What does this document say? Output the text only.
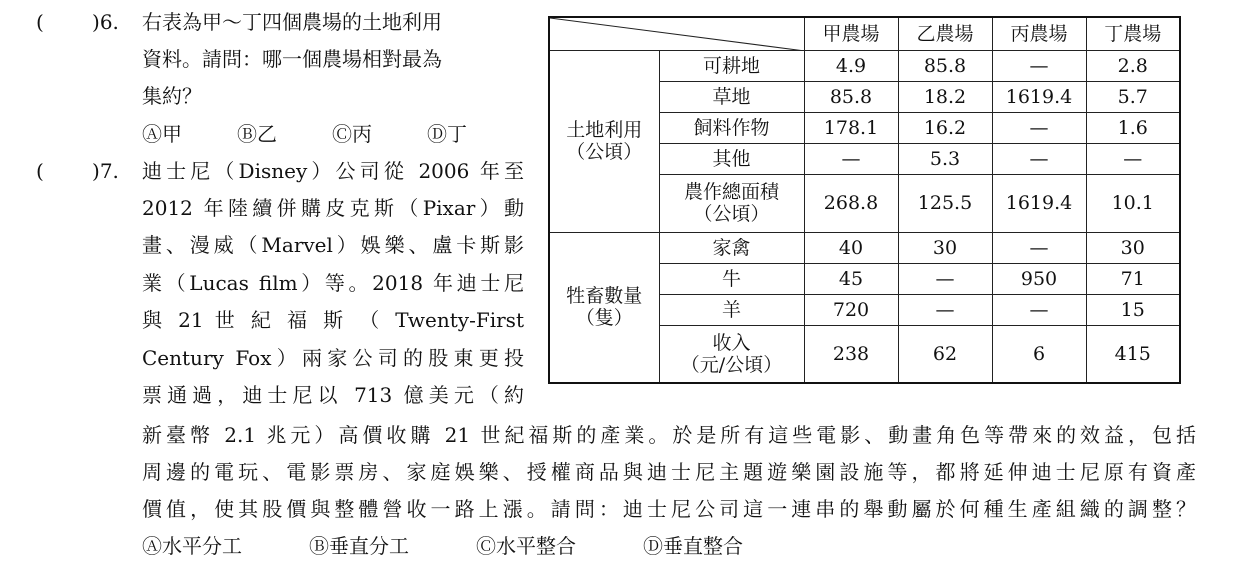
( )6. 右表為甲～丁四個農場的土地利用
資料。請問：哪一個農場相對最為
集約？
Ⓐ甲	Ⓑ乙	Ⓒ丙	Ⓓ丁
( )7. 迪士尼（Disney）公司從 2006 年至
2012 年陸續併購皮克斯（Pixar）動
畫、漫威（Marvel）娛樂、盧卡斯影
業（Lucas film）等。2018 年迪士尼
與 21 世 紀 福 斯 （ Twenty-First
Century Fox）兩家公司的股東更投
票通過，迪士尼以 713 億美元（約
新臺幣 2.1 兆元）高價收購 21 世紀福斯的產業。於是所有這些電影、動畫角色等帶來的效益，包括
周邊的電玩、電影票房、家庭娛樂、授權商品與迪士尼主題遊樂園設施等，都將延伸迪士尼原有資產
價值，使其股價與整體營收一路上漲。請問：迪士尼公司這一連串的舉動屬於何種生產組織的調整？
Ⓐ水平分工	Ⓑ垂直分工	Ⓒ水平整合	Ⓓ垂直整合
	甲農場	乙農場	丙農場	丁農場
土地利用
（公頃）	可耕地	4.9	85.8	—	2.8
	草地	85.8	18.2	1619.4	5.7
	飼料作物	178.1	16.2	—	1.6
	其他	—	5.3	—	—
	農作總面積
（公頃）	268.8	125.5	1619.4	10.1
牲畜數量
（隻）	家禽	40	30	—	30
	牛	45	—	950	71
	羊	720	—	—	15
	收入
（元/公頃）	238	62	6	415
